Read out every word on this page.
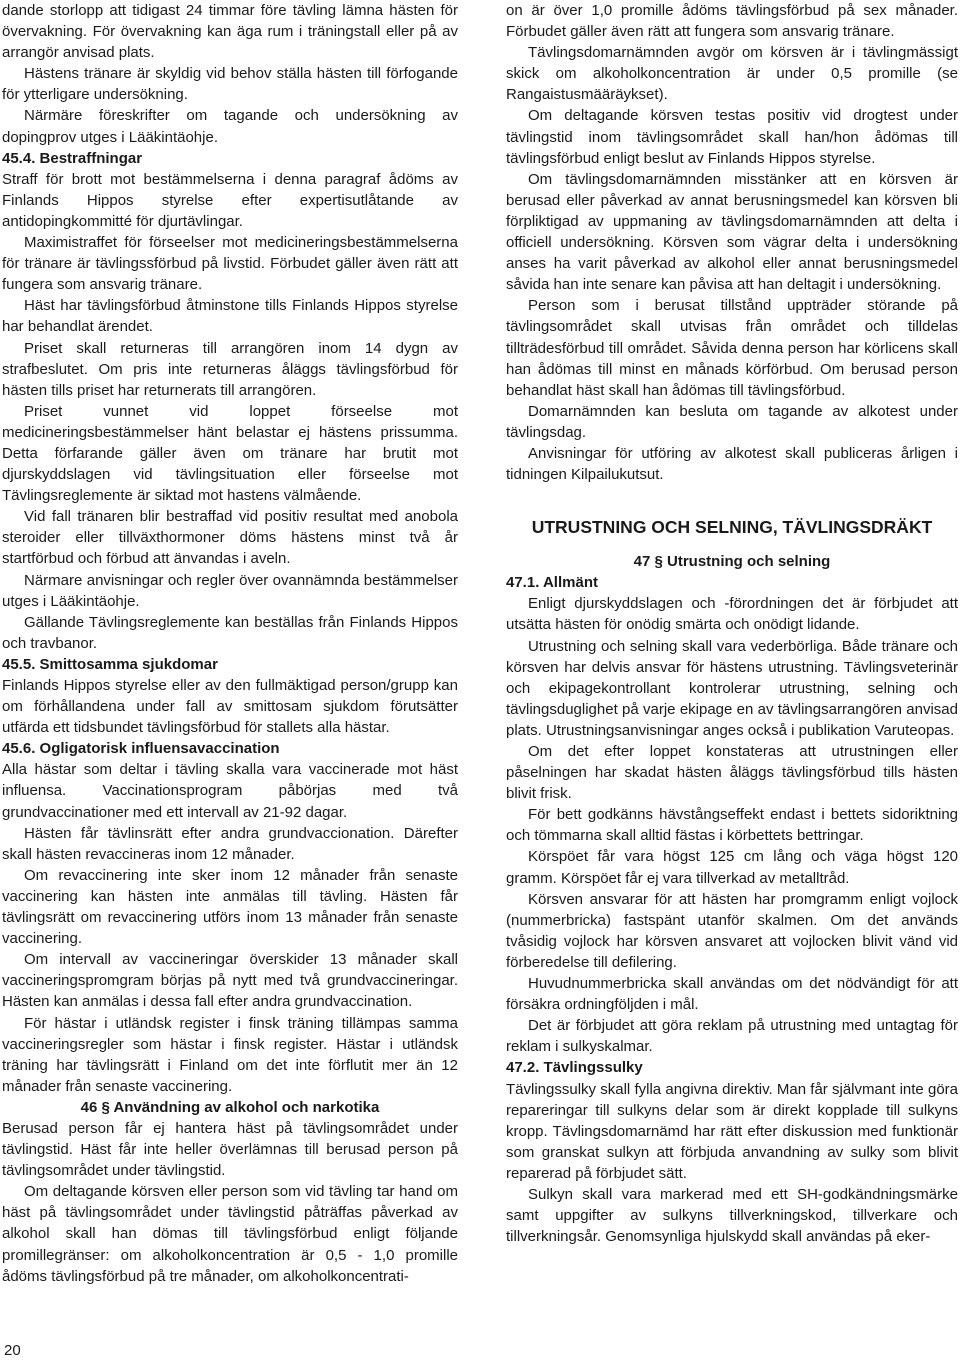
dande storlopp att tidigast 24 timmar före tävling lämna hästen för övervakning. För övervakning kan äga rum i träningstall eller på av arrangör anvisad plats.

Hästens tränare är skyldig vid behov ställa hästen till förfogande för ytterligare undersökning.

Närmäre föreskrifter om tagande och undersökning av dopingprov utges i Lääkintäohje.

45.4. Bestraffningar

Straff för brott mot bestämmelserna i denna paragraf ådöms av Finlands Hippos styrelse efter expertisutlåtande av antidopingkommitté för djurtävlingar.

Maximistraffet för förseelser mot medicineringsbestämmelserna för tränare är tävlingssförbud på livstid. Förbudet gäller även rätt att fungera som ansvarig tränare.

Häst har tävlingsförbud åtminstone tills Finlands Hippos styrelse har behandlat ärendet.

Priset skall returneras till arrangören inom 14 dygn av strafbeslutet. Om pris inte returneras åläggs tävlingsförbud för hästen tills priset har returnerats till arrangören.

Priset vunnet vid loppet förseelse mot medicineringsbestämmelser hänt belastar ej hästens prissumma. Detta förfarande gäller även om tränare har brutit mot djurskyddslagen vid tävlingsituation eller förseelse mot Tävlingsreglemente är siktad mot hastens välmående.

Vid fall tränaren blir bestraffad vid positiv resultat med anobola steroider eller tillväxthormoner döms hästens minst två år startförbud och förbud att änvandas i aveln.

Närmare anvisningar och regler över ovannämnda bestämmelser utges i Lääkintäohje.

Gällande Tävlingsreglemente kan beställas från Finlands Hippos och travbanor.

45.5. Smittosamma sjukdomar

Finlands Hippos styrelse eller av den fullmäktigad person/grupp kan om förhållandena under fall av smittosam sjukdom förutsätter utfärda ett tidsbundet tävlingsförbud för stallets alla hästar.

45.6. Ogligatorisk influensavaccination

Alla hästar som deltar i tävling skalla vara vaccinerade mot häst influensa. Vaccinationsprogram påbörjas med två grundvaccinationer med ett intervall av 21-92 dagar.

Hästen får tävlinsrätt efter andra grundvaccionation. Därefter skall hästen revaccineras inom 12 månader.

Om revaccinering inte sker inom 12 månader från senaste vaccinering kan hästen inte anmälas till tävling. Hästen får tävlingsrätt om revaccinering utförs inom 13 månader från senaste vaccinering.

Om intervall av vaccineringar överskider 13 månader skall vaccineringspromgram börjas på nytt med två grundvaccineringar. Hästen kan anmälas i dessa fall efter andra grundvaccination.

För hästar i utländsk register i finsk träning tillämpas samma vaccineringsregler som hästar i finsk register. Hästar i utländsk träning har tävlingsrätt i Finland om det inte förflutit mer än 12 månader från senaste vaccinering.

46 § Användning av alkohol och narkotika

Berusad person får ej hantera häst på tävlingsområdet under tävlingstid. Häst får inte heller överlämnas till berusad person på tävlingsområdet under tävlingstid.

Om deltagande körsven eller person som vid tävling tar hand om häst på tävlingsområdet under tävlingstid påträffas påverkad av alkohol skall han dömas till tävlingsförbud enligt följande promillegränser: om alkoholkoncentration är 0,5 - 1,0 promille ådöms tävlingsförbud på tre månader, om alkoholkoncentrati-

on är över 1,0 promille ådöms tävlingsförbud på sex månader. Förbudet gäller även rätt att fungera som ansvarig tränare.

Tävlingsdomarnämnden avgör om körsven är i tävlingmässigt skick om alkoholkoncentration är under 0,5 promille (se Rangaistusmääräykset).

Om deltagande körsven testas positiv vid drogtest under tävlingstid inom tävlingsområdet skall han/hon ådömas till tävlingsförbud enligt beslut av Finlands Hippos styrelse.

Om tävlingsdomarnämnden misstänker att en körsven är berusad eller påverkad av annat berusningsmedel kan körsven bli förpliktigad av uppmaning av tävlingsdomarnämnden att delta i officiell undersökning. Körsven som vägrar delta i undersökning anses ha varit påverkad av alkohol eller annat berusningsmedel såvida han inte senare kan påvisa att han deltagit i undersökning.

Person som i berusat tillstånd uppträder störande på tävlingsområdet skall utvisas från området och tilldelas tillträdesförbud till området. Såvida denna person har körlicens skall han ådömas till minst en månads körförbud. Om berusad person behandlat häst skall han ådömas till tävlingsförbud.

Domarnämnden kan besluta om tagande av alkotest under tävlingsdag.

Anvisningar för utföring av alkotest skall publiceras årligen i tidningen Kilpailukutsut.

UTRUSTNING OCH SELNING, TÄVLINGSDRÄKT

47 § Utrustning och selning

47.1. Allmänt

Enligt djurskyddslagen och -förordningen det är förbjudet att utsätta hästen för onödig smärta och onödigt lidande.

Utrustning och selning skall vara vederbörliga. Både tränare och körsven har delvis ansvar för hästens utrustning. Tävlingsveterinär och ekipagekontrollant kontrolerar utrustning, selning och tävlingsduglighet på varje ekipage en av tävlingsarrangören anvisad plats. Utrustningsanvisningar anges också i publikation Varuteopas.

Om det efter loppet konstateras att utrustningen eller påselningen har skadat hästen åläggs tävlingsförbud tills hästen blivit frisk.

För bett godkänns hävstångseffekt endast i bettets sidoriktning och tömmarna skall alltid fästas i körbettets bettringar.

Körspöet får vara högst 125 cm lång och väga högst 120 gramm. Körspöet får ej vara tillverkad av metalltråd.

Körsven ansvarar för att hästen har promgramm enligt vojlock (nummerbricka) fastspänt utanför skalmen. Om det används tvåsidig vojlock har körsven ansvaret att vojlocken blivit vänd vid förberedelse till defilering.

Huvudnummerbricka skall användas om det nödvändigt för att försäkra ordningföljden i mål.

Det är förbjudet att göra reklam på utrustning med untagtag för reklam i sulkyskalmar.

47.2. Tävlingssulky

Tävlingssulky skall fylla angivna direktiv. Man får självmant inte göra repareringar till sulkyns delar som är direkt kopplade till sulkyns kropp. Tävlingsdomarnämd har rätt efter diskussion med funktionär som granskat sulkyn att förbjuda anvandning av sulky som blivit reparerad på förbjudet sätt.

Sulkyn skall vara markerad med ett SH-godkändningsmärke samt uppgifter av sulkyns tillverkningskod, tillverkare och tillverkningsår. Genomsynliga hjulskydd skall användas på eker-

20
